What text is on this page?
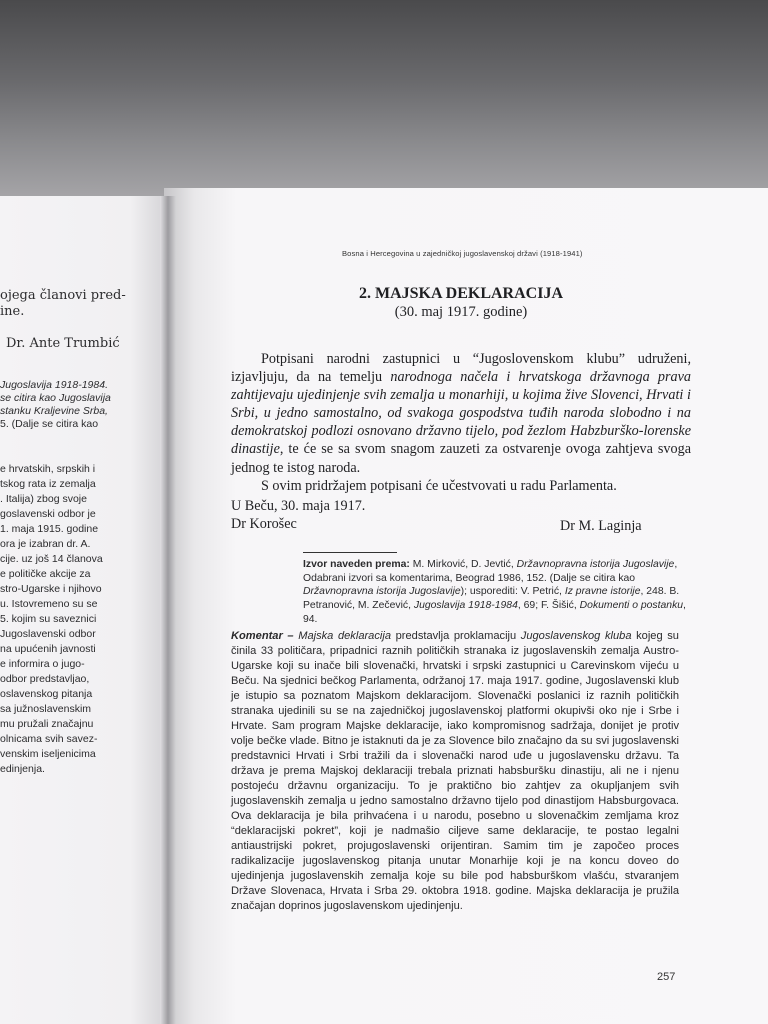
ojega članovi pred-
ine.
Dr. Ante Trumbić
Jugoslavija 1918-1984.
se citira kao Jugoslavija
stanku Kraljevine Srba,
5. (Dalje se citira kao
e hrvatskih, srpskih i
tskog rata iz zemalja
. Italija) zbog svoje
goslavenski odbor je
1. maja 1915. godine
ora je izabran dr. A.
cije. uz još 14 članova
e političke akcije za
stro-Ugarske i njihovo
u. Istovremeno su se
5. kojim su saveznici
Jugoslavenski odbor
na upućenih javnosti
e informira o jugo-
odbor predstavljao,
oslavenskog pitanja
sa južnoslavenskim
mu pružali značajnu
olnicama svih savez-
venskim iseljenicima
edinjenja.
Bosna i Hercegovina u zajedničkoj jugoslavenskoj državi (1918-1941)
2. MAJSKA DEKLARACIJA
(30. maj 1917. godine)

Potpisani narodni zastupnici u “Jugoslovenskom klubu” udruženi, izjavljuju, da na temelju narodnoga načela i hrvatskoga državnoga prava zahtijevaju ujedinjenje svih zemalja u monarhiji, u kojima žive Slovenci, Hrvati i Srbi, u jedno samostalno, od svakoga gospodstva tuđih naroda slobodno i na demokratskoj podlozi osnovano državno tijelo, pod žezlom Habzburško-lorenske dinastije, te će se sa svom snagom zauzeti za ostvarenje ovoga zahtjeva svoga jednog te istog naroda.

S ovim pridržajem potpisani će učestvovati u radu Parlamenta.

U Beču, 30. maja 1917.
Dr Korošec	Dr M. Laginja
Izvor naveden prema: M. Mirković, D. Jevtić, Državnopravna istorija Jugoslavije, Odabrani izvori sa komentarima, Beograd 1986, 152. (Dalje se citira kao Državnopravna istorija Jugoslavije); usporediti: V. Petrić, Iz pravne istorije, 248. B. Petranović, M. Zečević, Jugoslavija 1918-1984, 69; F. Šišić, Dokumenti o postanku, 94.
Komentar – Majska deklaracija predstavlja proklamaciju Jugoslavenskog kluba kojeg su činila 33 političara, pripadnici raznih političkih stranaka iz jugoslavenskih zemalja Austro-Ugarske koji su inače bili slovenački, hrvatski i srpski zastupnici u Carevinskom vijeću u Beču. Na sjednici bečkog Parlamenta, održanoj 17. maja 1917. godine, Jugoslavenski klub je istupio sa poznatom Majskom deklaracijom. Slovenački poslanici iz raznih političkih stranaka ujedinili su se na zajedničkoj jugoslavenskoj platformi okupivši oko nje i Srbe i Hrvate. Sam program Majske deklaracije, iako kompromisnog sadržaja, donijet je protiv volje bečke vlade. Bitno je istaknuti da je za Slovence bilo značajno da su svi jugoslavenski predstavnici Hrvati i Srbi tražili da i slovenački narod uđe u jugoslavensku državu. Ta država je prema Majskoj deklaraciji trebala priznati habsburšku dinastiju, ali ne i njenu postojeću državnu organizaciju. To je praktično bio zahtjev za okupljanjem svih jugoslavenskih zemalja u jedno samostalno državno tijelo pod dinastijom Habsburgovaca. Ova deklaracija je bila prihvaćena i u narodu, posebno u slovenačkim zemljama kroz “deklaracijski pokret”, koji je nadmašio ciljeve same deklaracije, te postao legalni antiaustrijski pokret, projugoslavenski orijentiran. Samim tim je započeo proces radikalizacije jugoslavenskog pitanja unutar Monarhije koji je na koncu doveo do ujedinjenja jugoslavenskih zemalja koje su bile pod habsburškom vlašću, stvaranjem Države Slovenaca, Hrvata i Srba 29. oktobra 1918. godine. Majska deklaracija je pružila značajan doprinos jugoslavenskom ujedinjenju.
257
